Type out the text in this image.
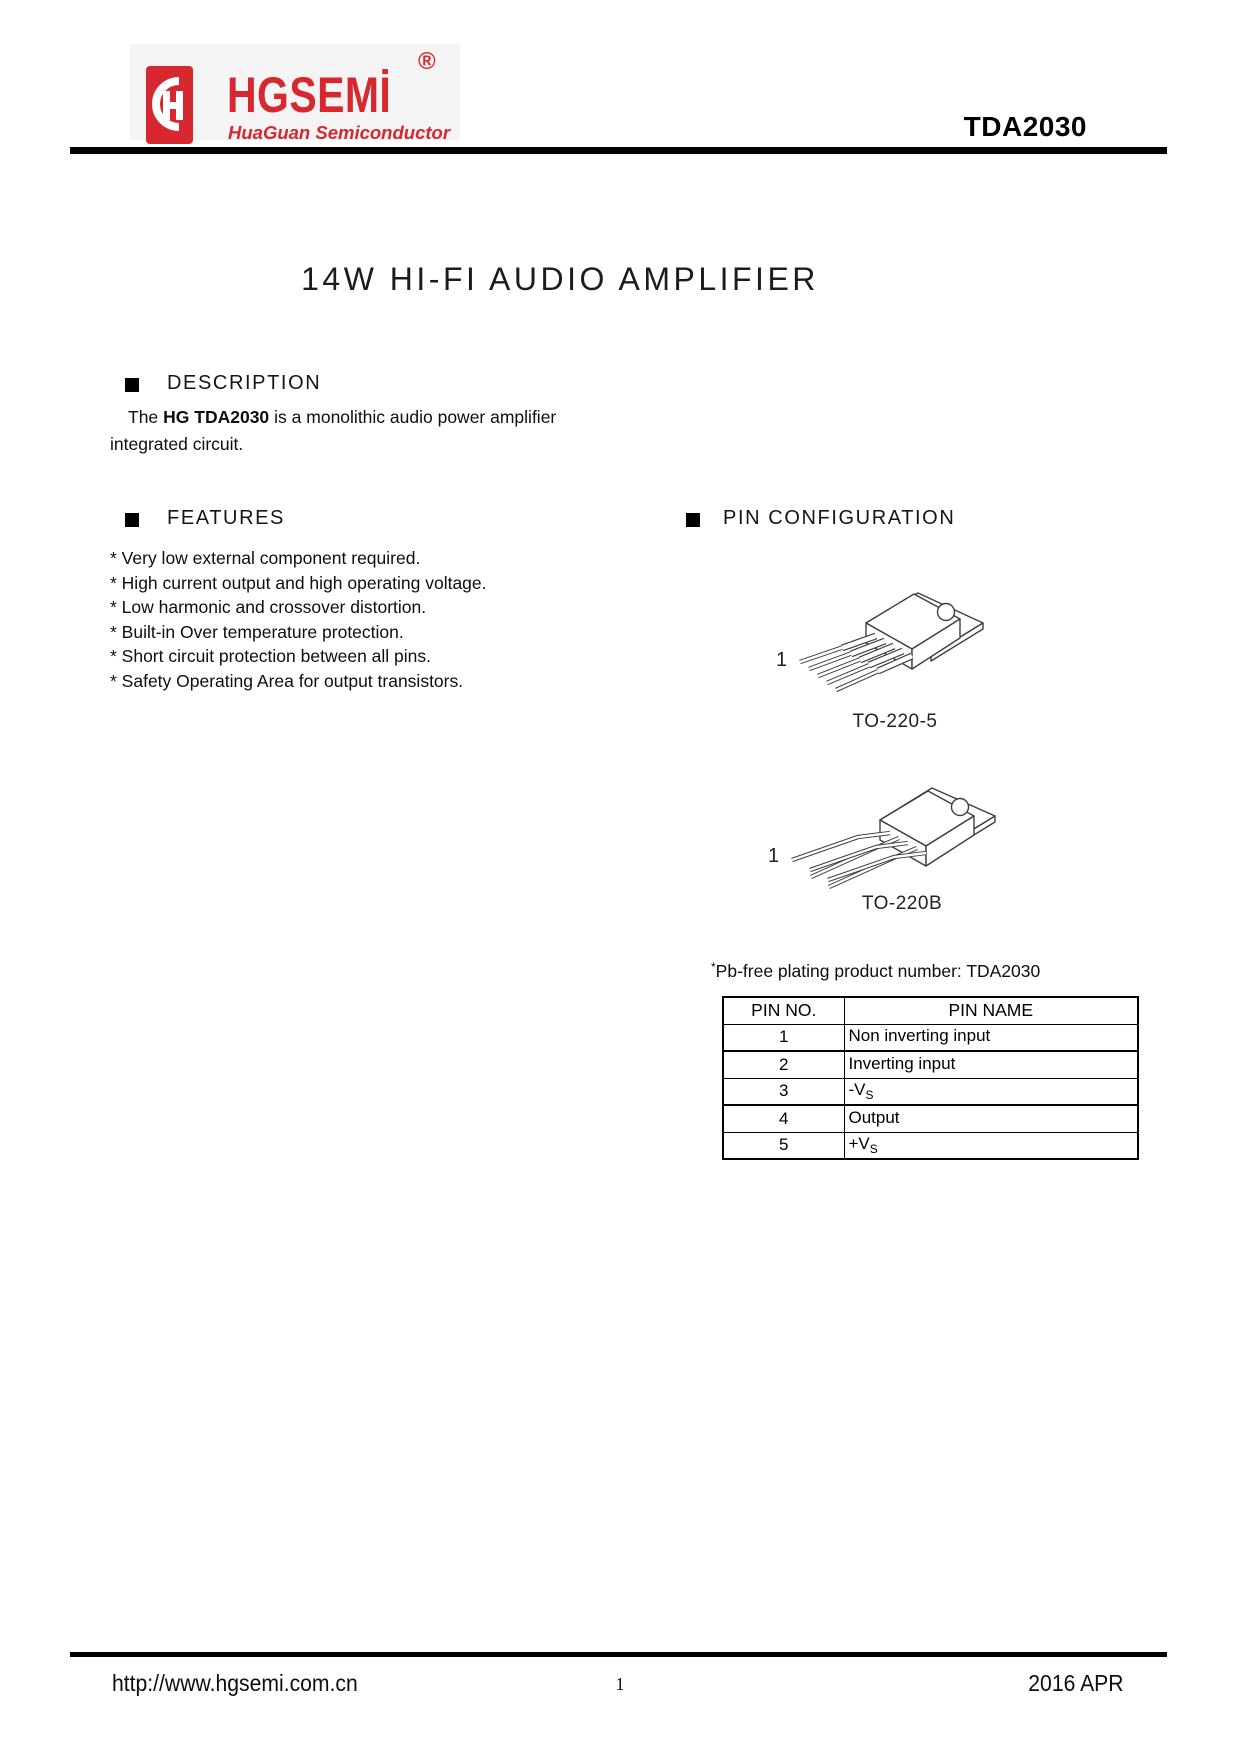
HGSEMİ
®
HuaGuan Semiconductor	TDA2030
14W HI-FI AUDIO AMPLIFIER
DESCRIPTION

The HG TDA2030 is a monolithic audio power amplifier integrated circuit.

FEATURES
* Very low external component required.
* High current output and high operating voltage.
* Low harmonic and crossover distortion.
* Built-in Over temperature protection.
* Short circuit protection between all pins.
* Safety Operating Area for output transistors.
PIN CONFIGURATION
1
TO-220-5
1
TO-220B
*Pb-free plating product number: TDA2030
PIN NO.	PIN NAME
1	Non inverting input
2	Inverting input
3	$-V_S$
4	Output
5	$+V_S$
http://www.hgsemi.com.cn	1	2016 APR
